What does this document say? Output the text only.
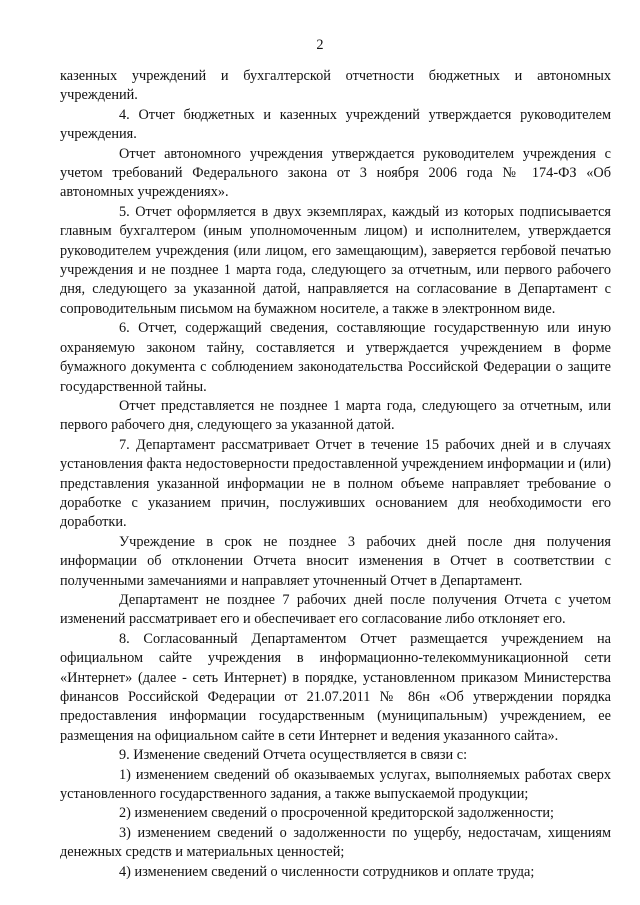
2

казенных учреждений и бухгалтерской отчетности бюджетных и автономных учреждений.

4. Отчет бюджетных и казенных учреждений утверждается руководителем учреждения.

Отчет автономного учреждения утверждается руководителем учреждения с учетом требований Федерального закона от 3 ноября 2006 года № 174-ФЗ «Об автономных учреждениях».

5. Отчет оформляется в двух экземплярах, каждый из которых подписывается главным бухгалтером (иным уполномоченным лицом) и исполнителем, утверждается руководителем учреждения (или лицом, его замещающим), заверяется гербовой печатью учреждения и не позднее 1 марта года, следующего за отчетным, или первого рабочего дня, следующего за указанной датой, направляется на согласование в Департамент с сопроводительным письмом на бумажном носителе, а также в электронном виде.

6. Отчет, содержащий сведения, составляющие государственную или иную охраняемую законом тайну, составляется и утверждается учреждением в форме бумажного документа с соблюдением законодательства Российской Федерации о защите государственной тайны.

Отчет представляется не позднее 1 марта года, следующего за отчетным, или первого рабочего дня, следующего за указанной датой.

7. Департамент рассматривает Отчет в течение 15 рабочих дней и в случаях установления факта недостоверности предоставленной учреждением информации и (или) представления указанной информации не в полном объеме направляет требование о доработке с указанием причин, послуживших основанием для необходимости его доработки.

Учреждение в срок не позднее 3 рабочих дней после дня получения информации об отклонении Отчета вносит изменения в Отчет в соответствии с полученными замечаниями и направляет уточненный Отчет в Департамент.

Департамент не позднее 7 рабочих дней после получения Отчета с учетом изменений рассматривает его и обеспечивает его согласование либо отклоняет его.

8. Согласованный Департаментом Отчет размещается учреждением на официальном сайте учреждения в информационно-телекоммуникационной сети «Интернет» (далее - сеть Интернет) в порядке, установленном приказом Министерства финансов Российской Федерации от 21.07.2011 № 86н «Об утверждении порядка предоставления информации государственным (муниципальным) учреждением, ее размещения на официальном сайте в сети Интернет и ведения указанного сайта».

9. Изменение сведений Отчета осуществляется в связи с:

1) изменением сведений об оказываемых услугах, выполняемых работах сверх установленного государственного задания, а также выпускаемой продукции;

2) изменением сведений о просроченной кредиторской задолженности;

3) изменением сведений о задолженности по ущербу, недостачам, хищениям денежных средств и материальных ценностей;

4) изменением сведений о численности сотрудников и оплате труда;
